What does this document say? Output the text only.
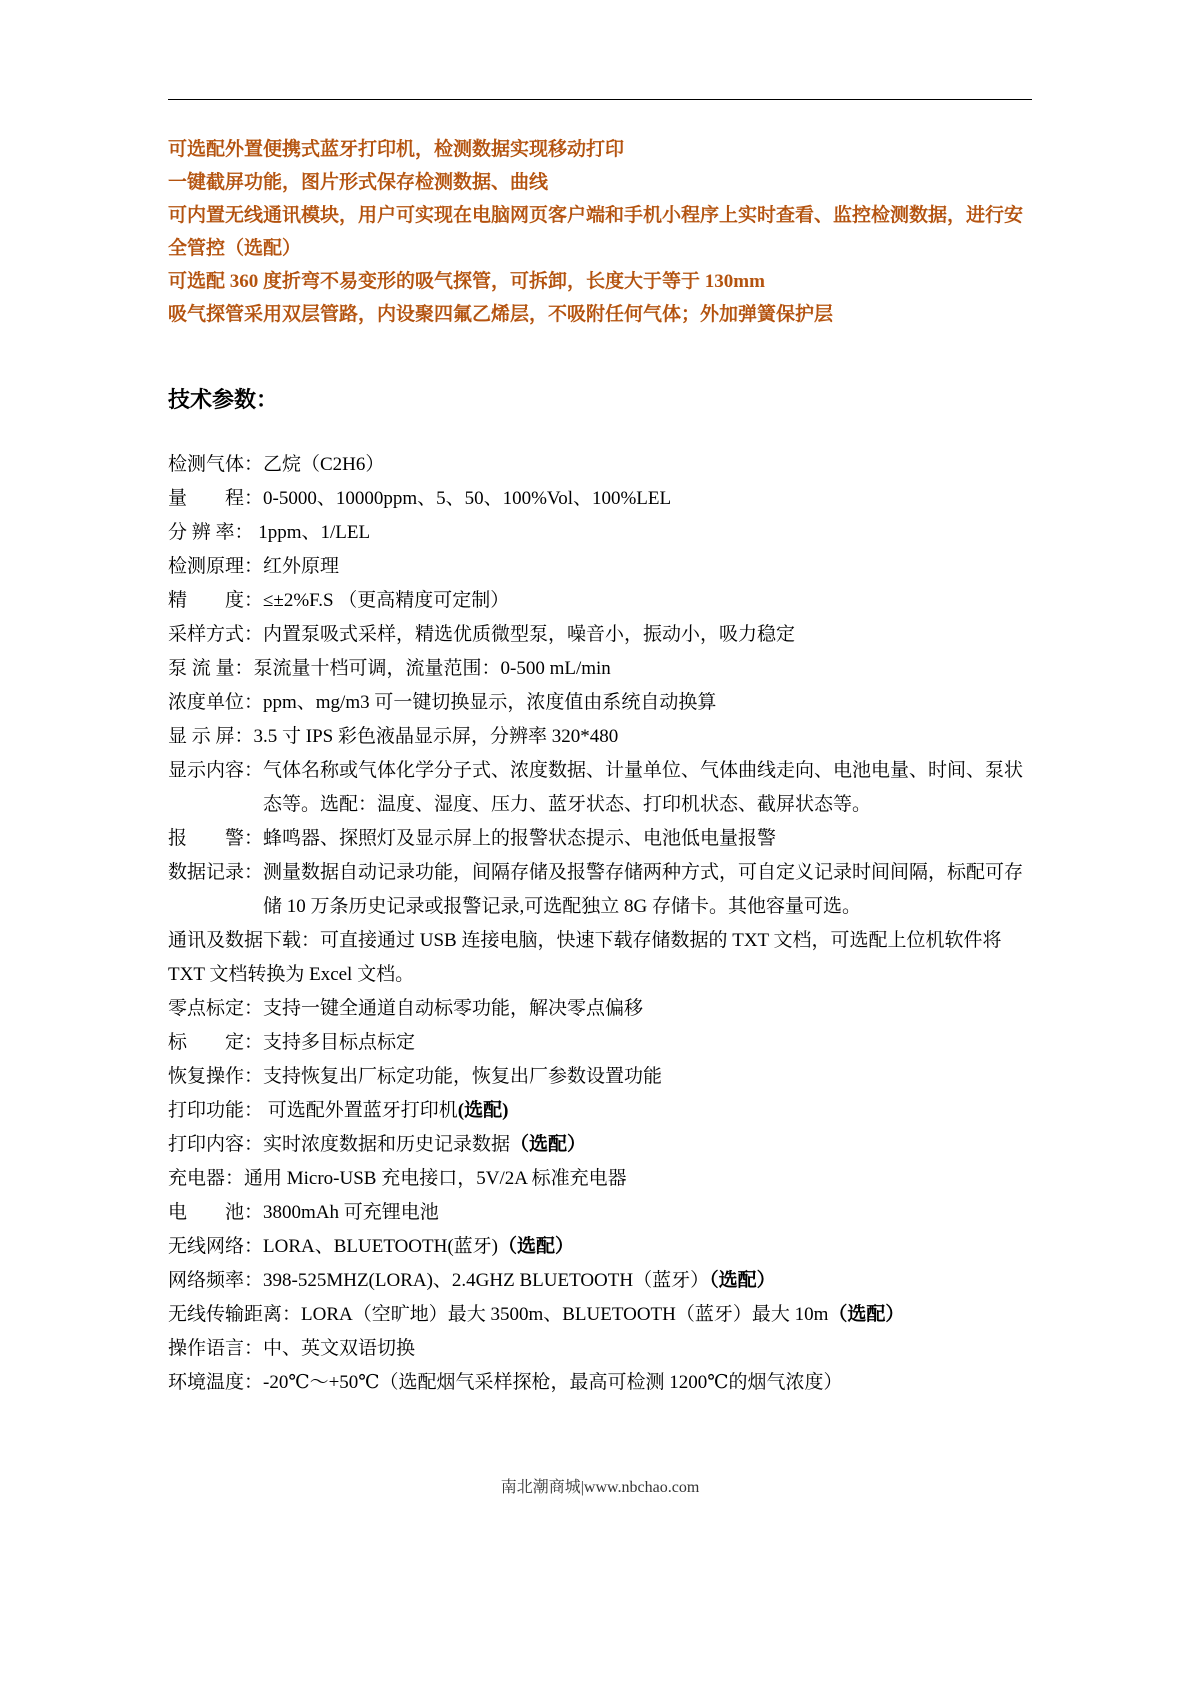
可选配外置便携式蓝牙打印机，检测数据实现移动打印

一键截屏功能，图片形式保存检测数据、曲线

可内置无线通讯模块，用户可实现在电脑网页客户端和手机小程序上实时查看、监控检测数据，进行安全管控（选配）

可选配 360 度折弯不易变形的吸气探管，可拆卸，长度大于等于 130mm

吸气探管采用双层管路，内设聚四氟乙烯层，不吸附任何气体；外加弹簧保护层

技术参数：

检测气体：乙烷（C2H6）

量　　程：0-5000、10000ppm、5、50、100%Vol、100%LEL

分 辨 率： 1ppm、1/LEL

检测原理：红外原理

精　　度：≤±2%F.S （更高精度可定制）

采样方式：内置泵吸式采样，精选优质微型泵，噪音小，振动小，吸力稳定

泵 流 量：泵流量十档可调，流量范围：0-500 mL/min

浓度单位：ppm、mg/m3 可一键切换显示，浓度值由系统自动换算

显 示 屏：3.5 寸 IPS 彩色液晶显示屏，分辨率 320*480

显示内容：气体名称或气体化学分子式、浓度数据、计量单位、气体曲线走向、电池电量、时间、泵状态等。选配：温度、湿度、压力、蓝牙状态、打印机状态、截屏状态等。

报　　警：蜂鸣器、探照灯及显示屏上的报警状态提示、电池低电量报警

数据记录：测量数据自动记录功能，间隔存储及报警存储两种方式，可自定义记录时间间隔，标配可存储 10 万条历史记录或报警记录,可选配独立 8G 存储卡。其他容量可选。

通讯及数据下载：可直接通过 USB 连接电脑，快速下载存储数据的 TXT 文档，可选配上位机软件将 TXT 文档转换为 Excel 文档。

零点标定：支持一键全通道自动标零功能，解决零点偏移

标　　定：支持多目标点标定

恢复操作：支持恢复出厂标定功能，恢复出厂参数设置功能

打印功能： 可选配外置蓝牙打印机(选配)

打印内容：实时浓度数据和历史记录数据（选配）

充电器：通用 Micro-USB 充电接口，5V/2A 标准充电器

电　　池：3800mAh 可充锂电池

无线网络：LORA、BLUETOOTH(蓝牙)（选配）

网络频率：398-525MHZ(LORA)、2.4GHZ BLUETOOTH（蓝牙）（选配）

无线传输距离：LORA（空旷地）最大 3500m、BLUETOOTH（蓝牙）最大 10m（选配）

操作语言：中、英文双语切换

环境温度：-20℃～+50℃（选配烟气采样探枪，最高可检测 1200℃的烟气浓度）

南北潮商城|www.nbchao.com
